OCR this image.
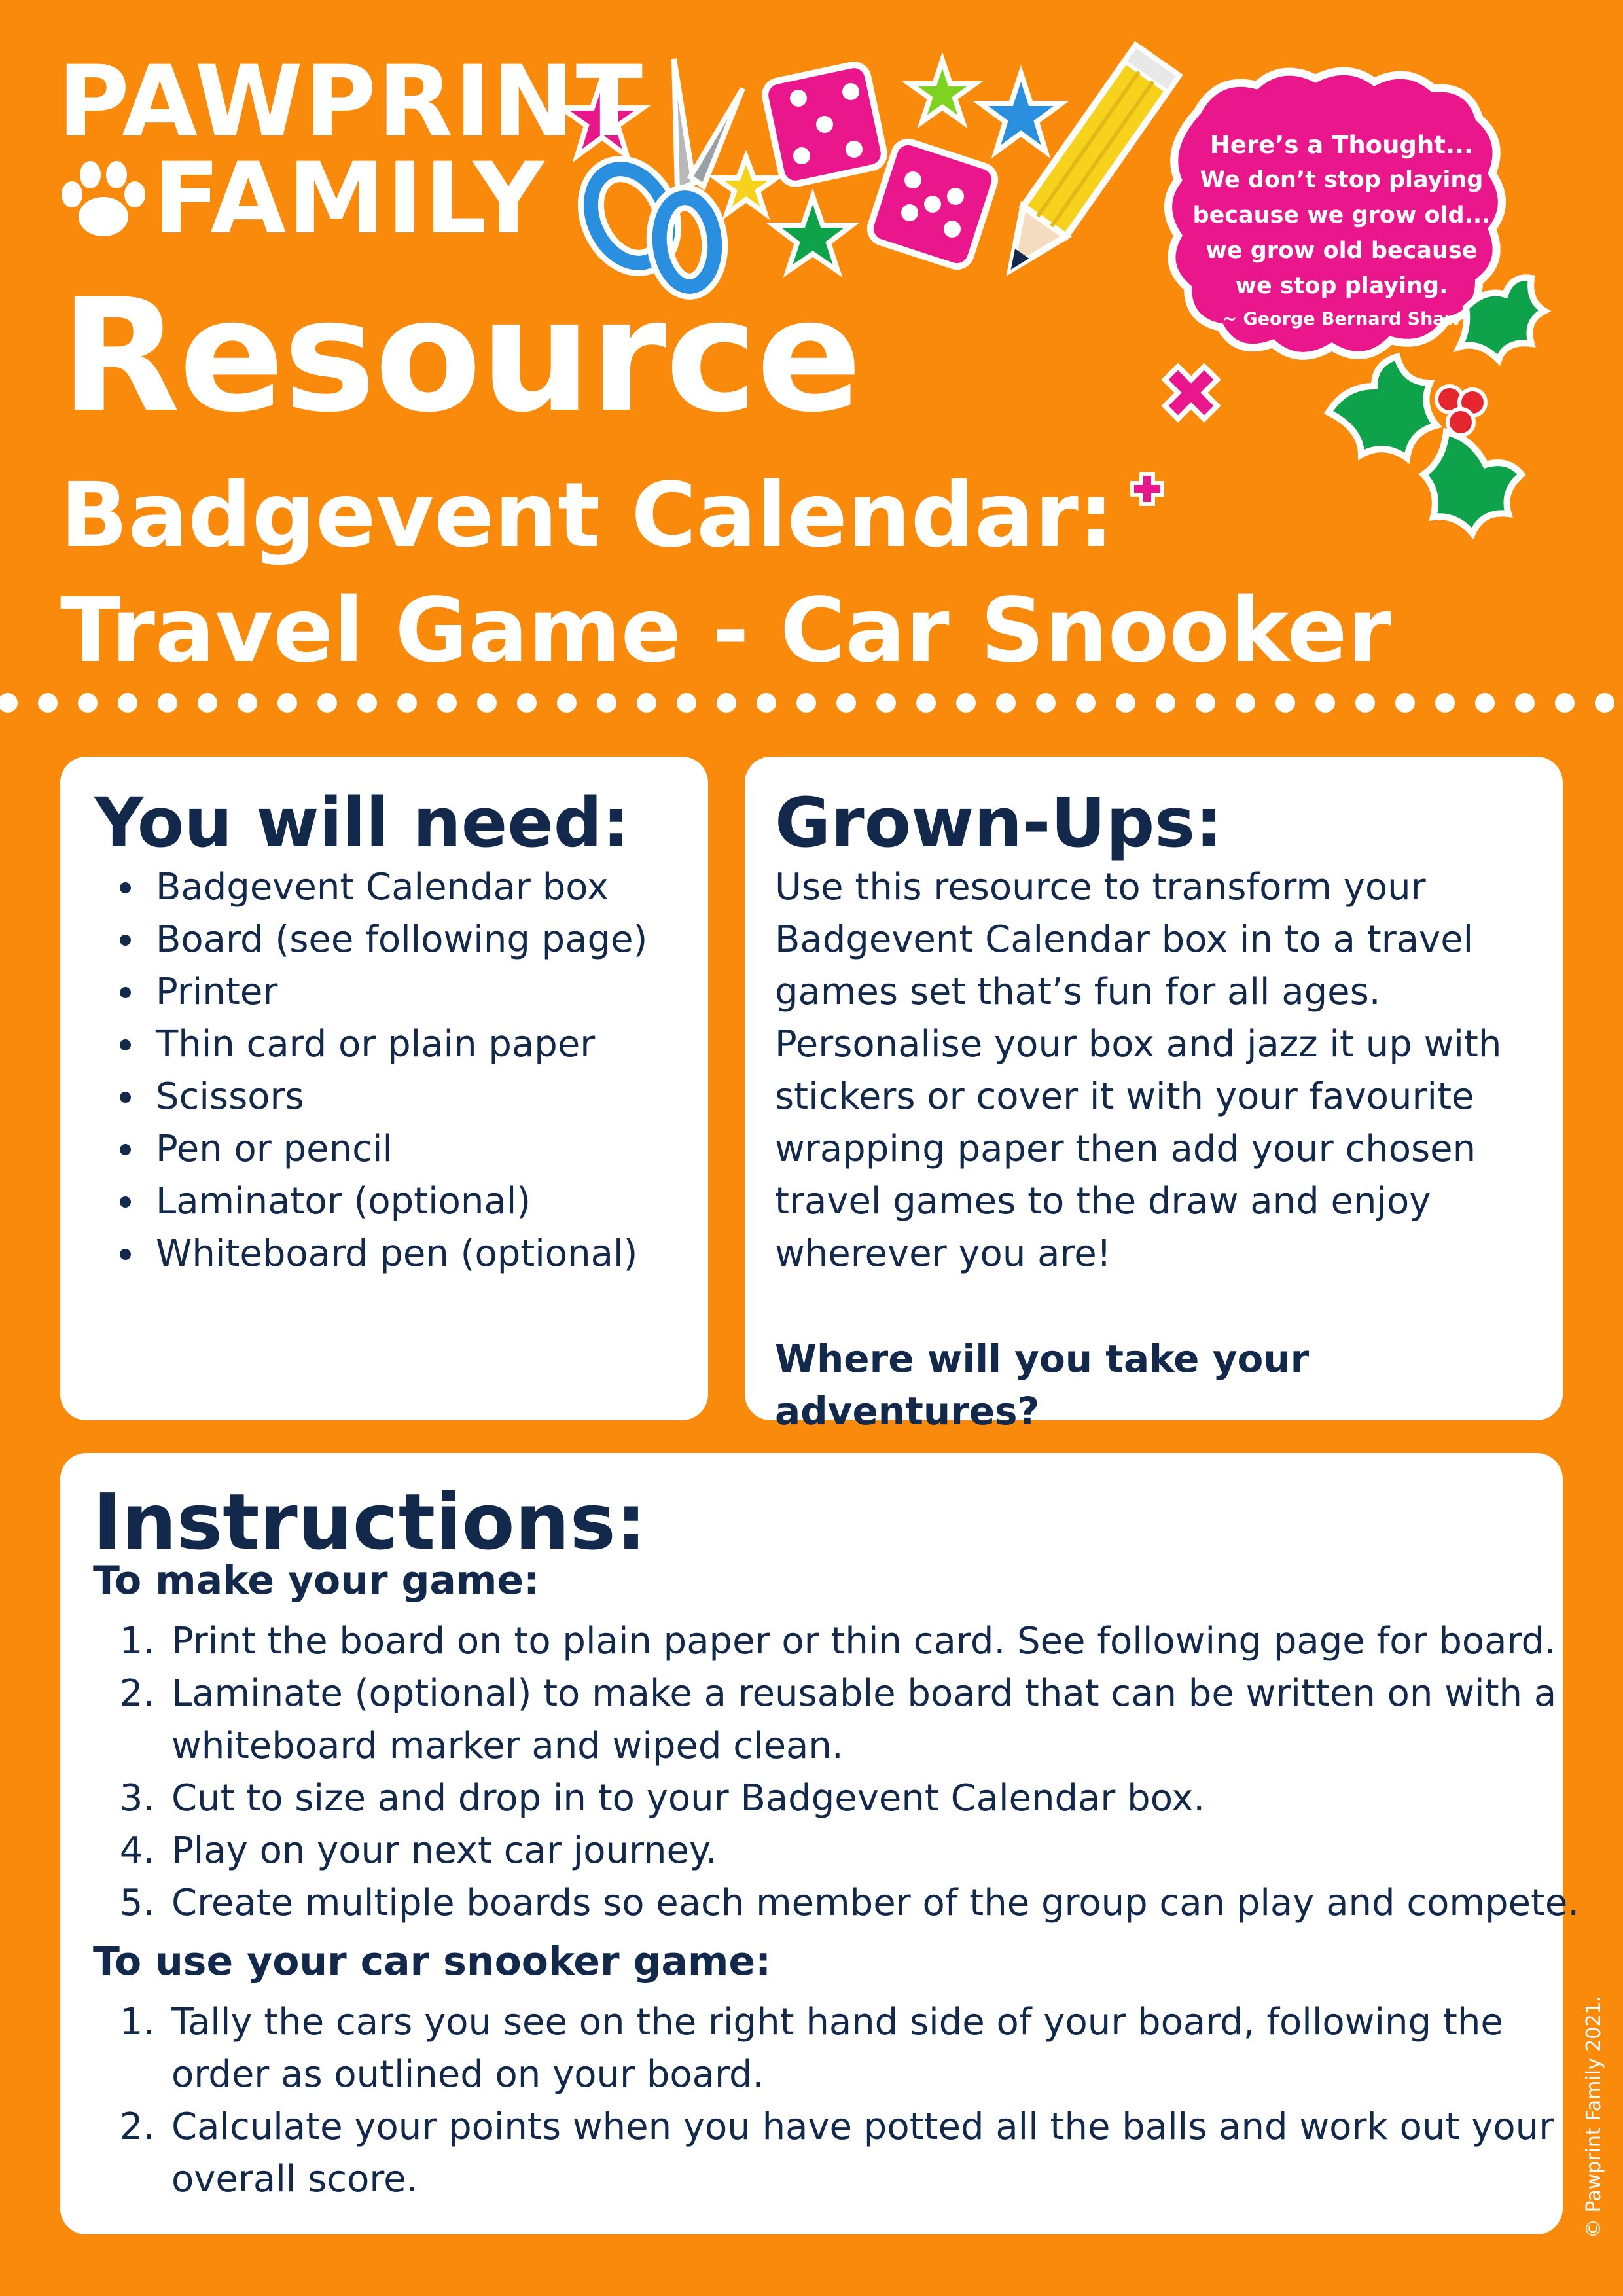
Here’s a Thought...
We don’t stop playing
because we grow old...
we grow old because
we stop playing.
~ George Bernard Shaw
PAWPRINT
FAMILY
Resource
Badgevent Calendar:
Travel Game - Car Snooker
You will need:
• Badgevent Calendar box
• Board (see following page)
• Printer
• Thin card or plain paper
• Scissors
• Pen or pencil
• Laminator (optional)
• Whiteboard pen (optional)
Grown-Ups:

Use this resource to transform your Badgevent Calendar box in to a travel games set that’s fun for all ages. Personalise your box and jazz it up with stickers or cover it with your favourite wrapping paper then add your chosen travel games to the draw and enjoy wherever you are!

Where will you take your adventures?

Instructions:

To make your game:

1. Print the board on to plain paper or thin card. See following page for board.
2. Laminate (optional) to make a reusable board that can be written on with a whiteboard marker and wiped clean.
3. Cut to size and drop in to your Badgevent Calendar box.
4. Play on your next car journey.
5. Create multiple boards so each member of the group can play and compete.

To use your car snooker game:

1. Tally the cars you see on the right hand side of your board, following the order as outlined on your board.
2. Calculate your points when you have potted all the balls and work out your overall score.	© Pawprint Family 2021.
